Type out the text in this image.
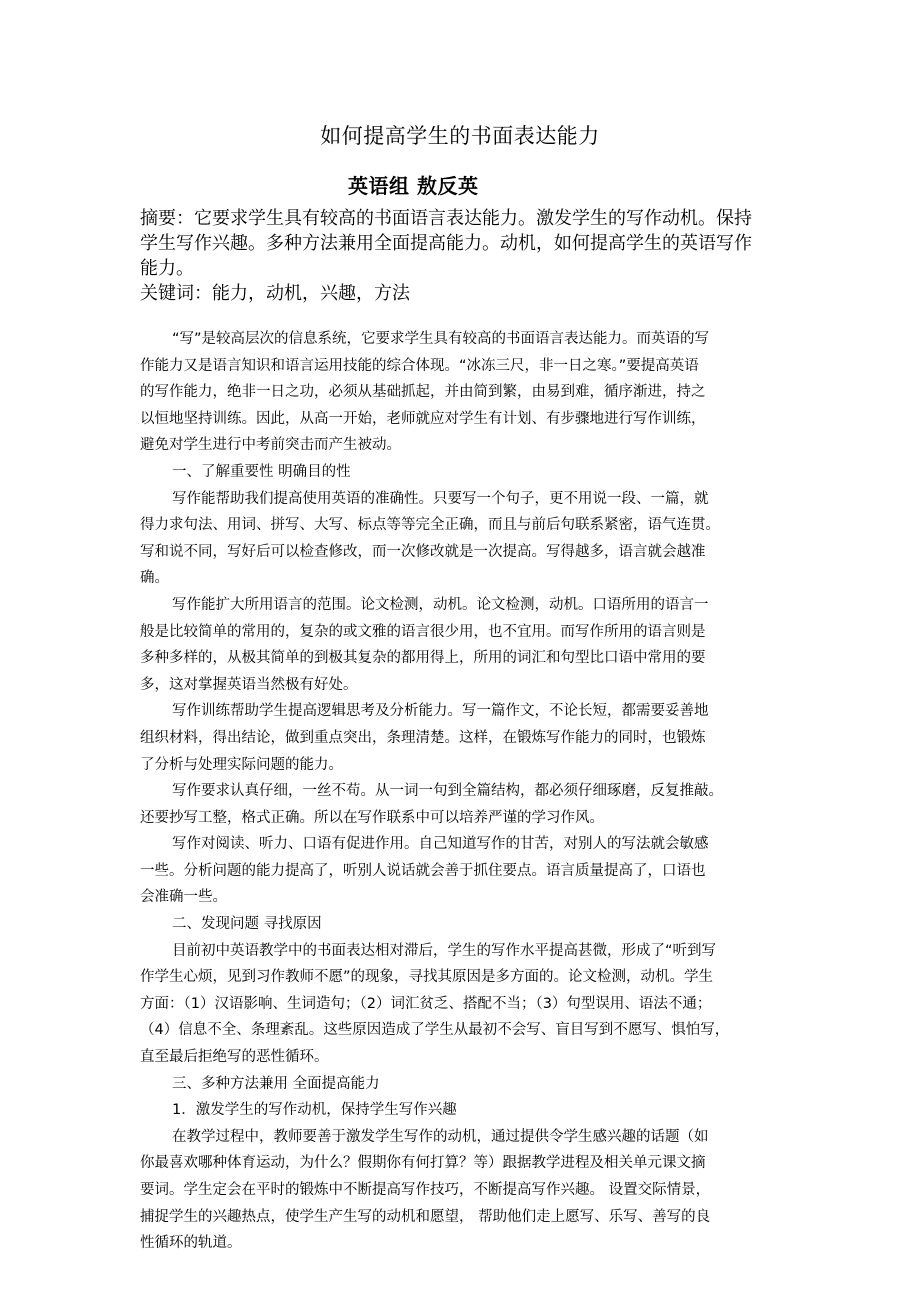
如何提高学生的书面表达能力
英语组 敖反英
摘要：它要求学生具有较高的书面语言表达能力。激发学生的写作动机。保持
学生写作兴趣。多种方法兼用全面提高能力。动机，如何提高学生的英语写作
能力。
关键词：能力，动机，兴趣，方法
“写”是较高层次的信息系统，它要求学生具有较高的书面语言表达能力。而英语的写
作能力又是语言知识和语言运用技能的综合体现。“冰冻三尺，非一日之寒。”要提高英语
的写作能力，绝非一日之功，必须从基础抓起，并由简到繁，由易到难，循序渐进，持之
以恒地坚持训练。因此，从高一开始，老师就应对学生有计划、有步骤地进行写作训练，
避免对学生进行中考前突击而产生被动。
一、了解重要性 明确目的性
写作能帮助我们提高使用英语的准确性。只要写一个句子，更不用说一段、一篇，就
得力求句法、用词、拼写、大写、标点等等完全正确，而且与前后句联系紧密，语气连贯。
写和说不同，写好后可以检查修改，而一次修改就是一次提高。写得越多，语言就会越准
确。
写作能扩大所用语言的范围。论文检测，动机。论文检测，动机。口语所用的语言一
般是比较简单的常用的，复杂的或文雅的语言很少用，也不宜用。而写作所用的语言则是
多种多样的，从极其简单的到极其复杂的都用得上，所用的词汇和句型比口语中常用的要
多，这对掌握英语当然极有好处。
写作训练帮助学生提高逻辑思考及分析能力。写一篇作文，不论长短，都需要妥善地
组织材料，得出结论，做到重点突出，条理清楚。这样，在锻炼写作能力的同时，也锻炼
了分析与处理实际问题的能力。
写作要求认真仔细，一丝不苟。从一词一句到全篇结构，都必须仔细琢磨，反复推敲。
还要抄写工整，格式正确。所以在写作联系中可以培养严谨的学习作风。
写作对阅读、听力、口语有促进作用。自己知道写作的甘苦，对别人的写法就会敏感
一些。分析问题的能力提高了，听别人说话就会善于抓住要点。语言质量提高了，口语也
会准确一些。
二、发现问题 寻找原因
目前初中英语教学中的书面表达相对滞后，学生的写作水平提高甚微，形成了“听到写
作学生心烦，见到习作教师不愿”的现象，寻找其原因是多方面的。论文检测，动机。学生
方面：（1）汉语影响、生词造句；（2）词汇贫乏、搭配不当；（3）句型误用、语法不通；
（4）信息不全、条理紊乱。这些原因造成了学生从最初不会写、盲目写到不愿写、惧怕写，
直至最后拒绝写的恶性循环。
三、多种方法兼用 全面提高能力
1．激发学生的写作动机，保持学生写作兴趣
在教学过程中，教师要善于激发学生写作的动机，通过提供令学生感兴趣的话题（如
你最喜欢哪种体育运动，为什么？假期你有何打算？等）跟据教学进程及相关单元课文摘
要词。学生定会在平时的锻炼中不断提高写作技巧，不断提高写作兴趣。 设置交际情景，
捕捉学生的兴趣热点，使学生产生写的动机和愿望， 帮助他们走上愿写、乐写、善写的良
性循环的轨道。
